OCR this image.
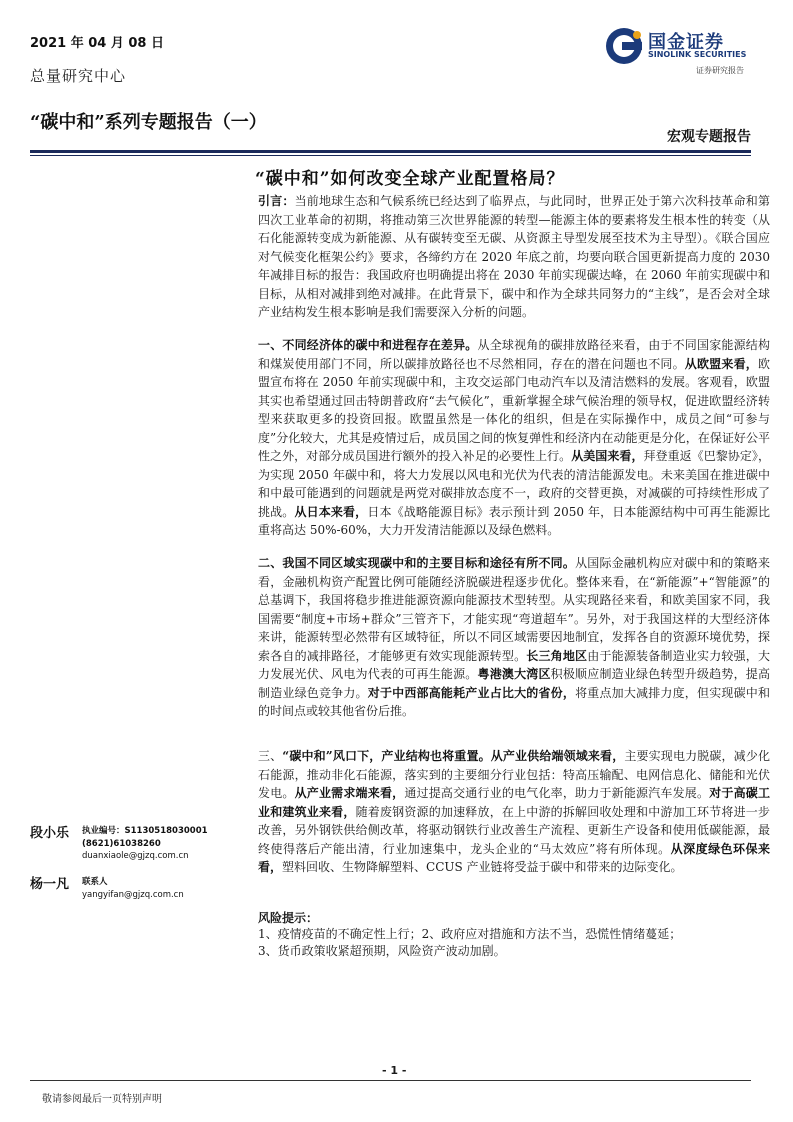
2021 年 04 月 08 日
总量研究中心
“碳中和”系列专题报告（一）
宏观专题报告
国金证券
SINOLINK SECURITIES
证券研究报告
“碳中和”如何改变全球产业配置格局？

引言：当前地球生态和气候系统已经达到了临界点，与此同时，世界正处于第六次科技革命和第四次工业革命的初期，将推动第三次世界能源的转型—能源主体的要素将发生根本性的转变（从石化能源转变成为新能源、从有碳转变至无碳、从资源主导型发展至技术为主导型）。《联合国应对气候变化框架公约》要求，各缔约方在 2020 年底之前，均要向联合国更新提高力度的 2030 年减排目标的报告：我国政府也明确提出将在 2030 年前实现碳达峰，在 2060 年前实现碳中和目标，从相对减排到绝对减排。在此背景下，碳中和作为全球共同努力的“主线”，是否会对全球产业结构发生根本影响是我们需要深入分析的问题。

一、不同经济体的碳中和进程存在差异。从全球视角的碳排放路径来看，由于不同国家能源结构和煤炭使用部门不同，所以碳排放路径也不尽然相同，存在的潜在问题也不同。从欧盟来看，欧盟宣布将在 2050 年前实现碳中和，主攻交运部门电动汽车以及清洁燃料的发展。客观看，欧盟其实也希望通过回击特朗普政府“去气候化”，重新掌握全球气候治理的领导权，促进欧盟经济转型来获取更多的投资回报。欧盟虽然是一体化的组织，但是在实际操作中，成员之间“可参与度”分化较大，尤其是疫情过后，成员国之间的恢复弹性和经济内在动能更是分化，在保证好公平性之外，对部分成员国进行额外的投入补足的必要性上行。从美国来看，拜登重返《巴黎协定》，为实现 2050 年碳中和，将大力发展以风电和光伏为代表的清洁能源发电。未来美国在推进碳中和中最可能遇到的问题就是两党对碳排放态度不一，政府的交替更换，对减碳的可持续性形成了挑战。从日本来看，日本《战略能源目标》表示预计到 2050 年，日本能源结构中可再生能源比重将高达 50%-60%，大力开发清洁能源以及绿色燃料。

二、我国不同区域实现碳中和的主要目标和途径有所不同。从国际金融机构应对碳中和的策略来看，金融机构资产配置比例可能随经济脱碳进程逐步优化。整体来看，在“新能源”+“智能源”的总基调下，我国将稳步推进能源资源向能源技术型转型。从实现路径来看，和欧美国家不同，我国需要“制度+市场+群众”三管齐下，才能实现“弯道超车”。另外，对于我国这样的大型经济体来讲，能源转型必然带有区域特征，所以不同区域需要因地制宜，发挥各自的资源环境优势，探索各自的减排路径，才能够更有效实现能源转型。长三角地区由于能源装备制造业实力较强，大力发展光伏、风电为代表的可再生能源。粤港澳大湾区积极顺应制造业绿色转型升级趋势，提高制造业绿色竞争力。对于中西部高能耗产业占比大的省份，将重点加大减排力度，但实现碳中和的时间点或较其他省份后推。

三、“碳中和”风口下，产业结构也将重置。从产业供给端领域来看，主要实现电力脱碳，减少化石能源，推动非化石能源，落实到的主要细分行业包括：特高压输配、电网信息化、储能和光伏发电。从产业需求端来看，通过提高交通行业的电气化率，助力于新能源汽车发展。对于高碳工业和建筑业来看，随着废钢资源的加速释放，在上中游的拆解回收处理和中游加工环节将进一步改善，另外钢铁供给侧改革，将驱动钢铁行业改善生产流程、更新生产设备和使用低碳能源，最终使得落后产能出清，行业加速集中，龙头企业的“马太效应”将有所体现。从深度绿色环保来看，塑料回收、生物降解塑料、CCUS 产业链将受益于碳中和带来的边际变化。

风险提示：
1、疫情疫苗的不确定性上行；2、政府应对措施和方法不当，恐慌性情绪蔓延；
3、货币政策收紧超预期，风险资产波动加剧。
段小乐 执业编号：S1130518030001
(8621)61038260
duanxiaole@gjzq.com.cn
杨一凡 联系人
yangyifan@gjzq.com.cn
- 1 -
敬请参阅最后一页特别声明
